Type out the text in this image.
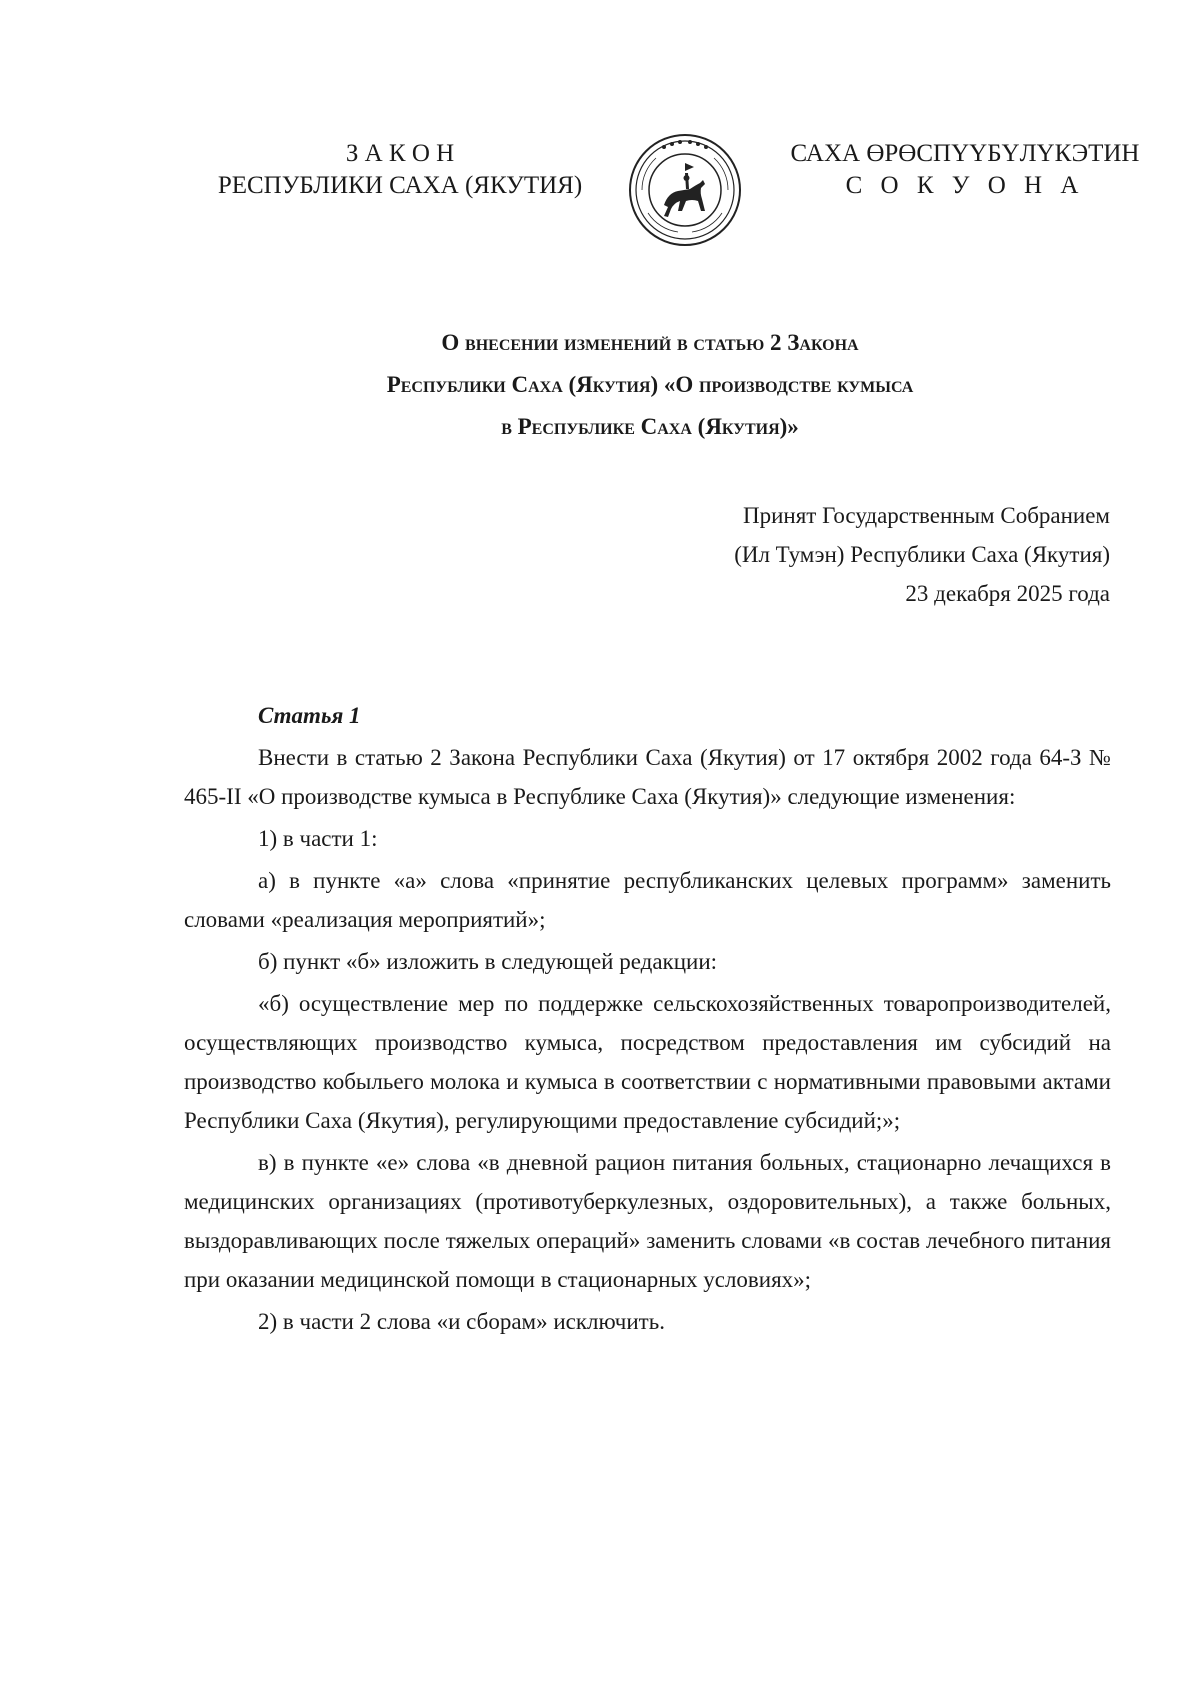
З А К О Н
РЕСПУБЛИКИ САХА (ЯКУТИЯ)
САХА ӨРӨСПҮҮБҮЛҮКЭТИН
С О К У О Н А
О внесении изменений в статью 2 Закона
Республики Саха (Якутия) «О производстве кумыса
в Республике Саха (Якутия)»
Принят Государственным Собранием
(Ил Тумэн) Республики Саха (Якутия)
23 декабря 2025 года
Статья 1

Внести в статью 2 Закона Республики Саха (Якутия) от 17 октября 2002 года 64-З № 465-II «О производстве кумыса в Республике Саха (Якутия)» следующие изменения:

1) в части 1:

а) в пункте «а» слова «принятие республиканских целевых программ» заменить словами «реализация мероприятий»;

б) пункт «б» изложить в следующей редакции:

«б) осуществление мер по поддержке сельскохозяйственных товаропроизводителей, осуществляющих производство кумыса, посредством предоставления им субсидий на производство кобыльего молока и кумыса в соответствии с нормативными правовыми актами Республики Саха (Якутия), регулирующими предоставление субсидий;»;

в) в пункте «е» слова «в дневной рацион питания больных, стационарно лечащихся в медицинских организациях (противотуберкулезных, оздоровительных), а также больных, выздоравливающих после тяжелых операций» заменить словами «в состав лечебного питания при оказании медицинской помощи в стационарных условиях»;

2) в части 2 слова «и сборам» исключить.
